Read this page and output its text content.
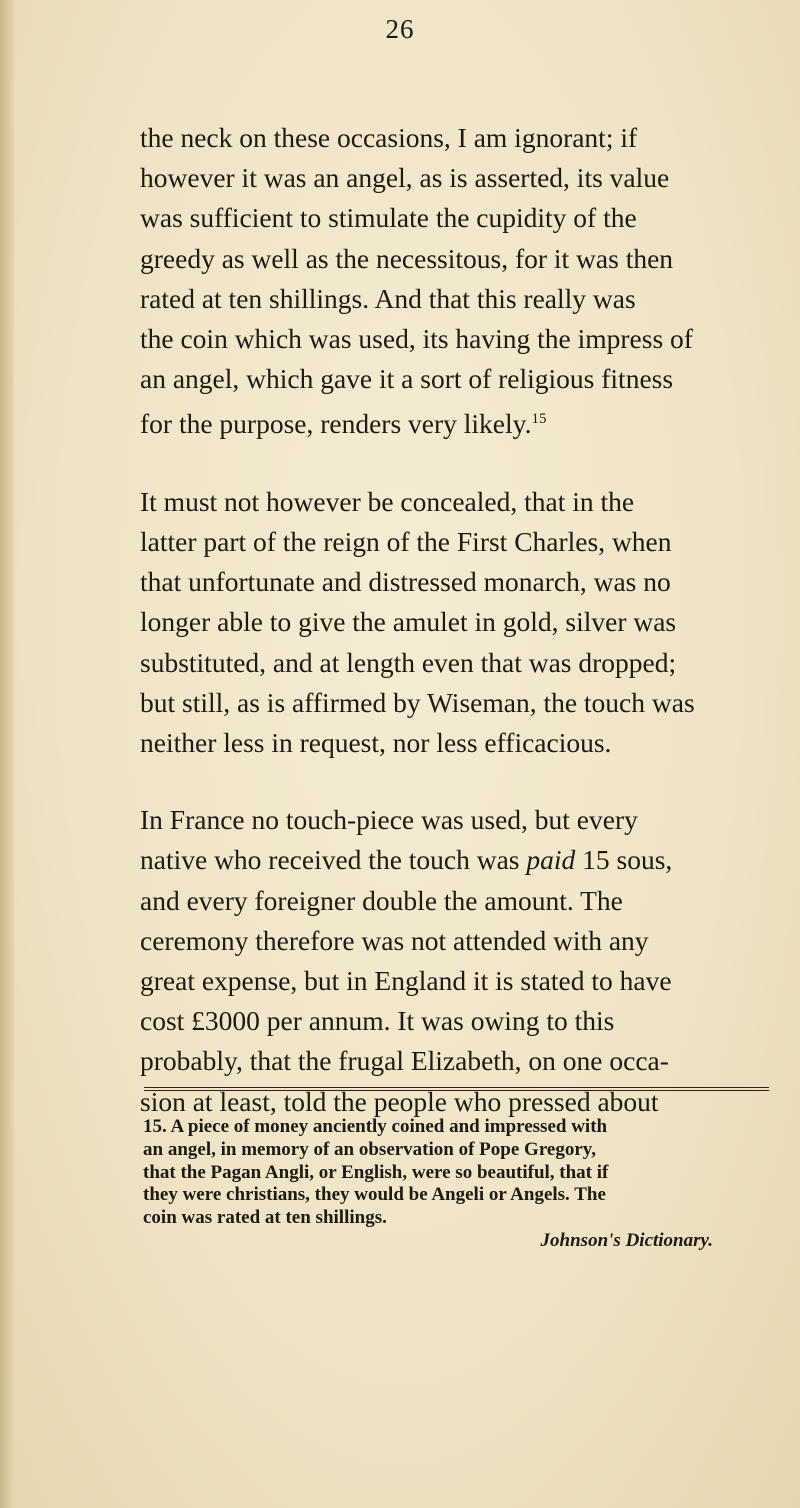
26

the neck on these occasions, I am ignorant; if

however it was an angel, as is asserted, its value

was sufficient to stimulate the cupidity of the

greedy as well as the necessitous, for it was then

rated at ten shillings. And that this really was

the coin which was used, its having the impress of

an angel, which gave it a sort of religious fitness

for the purpose, renders very likely.$^{15}$

It must not however be concealed, that in the

latter part of the reign of the First Charles, when

that unfortunate and distressed monarch, was no

longer able to give the amulet in gold, silver was

substituted, and at length even that was dropped;

but still, as is affirmed by Wiseman, the touch was

neither less in request, nor less efficacious.

In France no touch-piece was used, but every

native who received the touch was paid 15 sous,

and every foreigner double the amount. The

ceremony therefore was not attended with any

great expense, but in England it is stated to have

cost £3000 per annum. It was owing to this

probably, that the frugal Elizabeth, on one occa-

sion at least, told the people who pressed about

15. A piece of money anciently coined and impressed with

an angel, in memory of an observation of Pope Gregory,

that the Pagan Angli, or English, were so beautiful, that if

they were christians, they would be Angeli or Angels. The

coin was rated at ten shillings.

Johnson's Dictionary.
